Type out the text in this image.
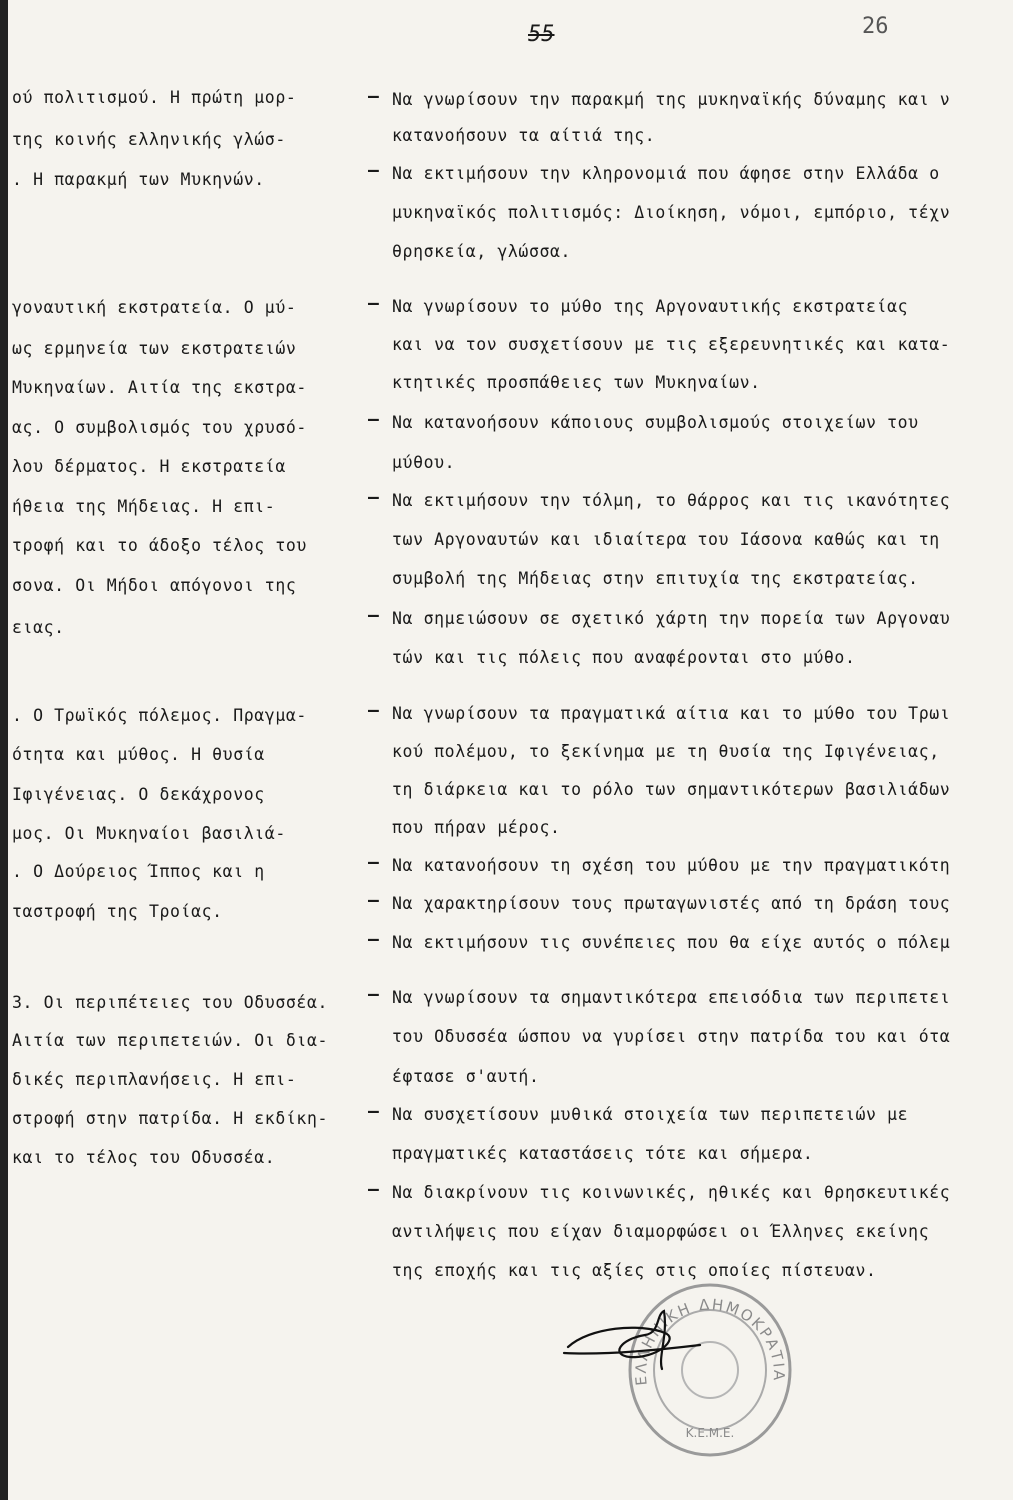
55	26
ού πολιτισμού. Η πρώτη μορ-
της κοινής ελληνικής γλώσ-
. Η παρακμή των Μυκηνών.
γοναυτική εκστρατεία. Ο μύ-
ως ερμηνεία των εκστρατειών
Μυκηναίων. Αιτία της εκστρα-
ας. Ο συμβολισμός του χρυσό-
λου δέρματος. Η εκστρατεία
ήθεια της Μήδειας. Η επι-
τροφή και το άδοξο τέλος του
σονα. Οι Μήδοι απόγονοι της
ειας.
. Ο Τρωϊκός πόλεμος. Πραγμα-
ότητα και μύθος. Η θυσία
Ιφιγένειας. Ο δεκάχρονος
μος. Οι Μυκηναίοι βασιλιά-
. Ο Δούρειος Ίππος και η
ταστροφή της Τροίας.
3. Οι περιπέτειες του Οδυσσέα.
Αιτία των περιπετειών. Οι δια-
δικές περιπλανήσεις. Η επι-
στροφή στην πατρίδα. Η εκδίκη-
και το τέλος του Οδυσσέα.
–
–
–
–
–
–
–
–
–
–
–
–
–
Να γνωρίσουν την παρακμή της μυκηναϊκής δύναμης και ν
κατανοήσουν τα αίτιά της.
Να εκτιμήσουν την κληρονομιά που άφησε στην Ελλάδα ο
μυκηναϊκός πολιτισμός: Διοίκηση, νόμοι, εμπόριο, τέχν
θρησκεία, γλώσσα.
Να γνωρίσουν το μύθο της Αργοναυτικής εκστρατείας
και να τον συσχετίσουν με τις εξερευνητικές και κατα-
κτητικές προσπάθειες των Μυκηναίων.
Να κατανοήσουν κάποιους συμβολισμούς στοιχείων του
μύθου.
Να εκτιμήσουν την τόλμη, το θάρρος και τις ικανότητες
των Αργοναυτών και ιδιαίτερα του Ιάσονα καθώς και τη
συμβολή της Μήδειας στην επιτυχία της εκστρατείας.
Να σημειώσουν σε σχετικό χάρτη την πορεία των Αργοναυ
τών και τις πόλεις που αναφέρονται στο μύθο.
Να γνωρίσουν τα πραγματικά αίτια και το μύθο του Τρωι
κού πολέμου, το ξεκίνημα με τη θυσία της Ιφιγένειας,
τη διάρκεια και το ρόλο των σημαντικότερων βασιλιάδων
που πήραν μέρος.
Να κατανοήσουν τη σχέση του μύθου με την πραγματικότη
Να χαρακτηρίσουν τους πρωταγωνιστές από τη δράση τους
Να εκτιμήσουν τις συνέπειες που θα είχε αυτός ο πόλεμ
Να γνωρίσουν τα σημαντικότερα επεισόδια των περιπετει
του Οδυσσέα ώσπου να γυρίσει στην πατρίδα του και ότα
έφτασε σ'αυτή.
Να συσχετίσουν μυθικά στοιχεία των περιπετειών με
πραγματικές καταστάσεις τότε και σήμερα.
Να διακρίνουν τις κοινωνικές, ηθικές και θρησκευτικές
αντιλήψεις που είχαν διαμορφώσει οι Έλληνες εκείνης
της εποχής και τις αξίες στις οποίες πίστευαν.
ΕΛΛΗΝΙΚΗ ΔΗΜΟΚΡΑΤΙΑ
Κ.Ε.Μ.Ε.
